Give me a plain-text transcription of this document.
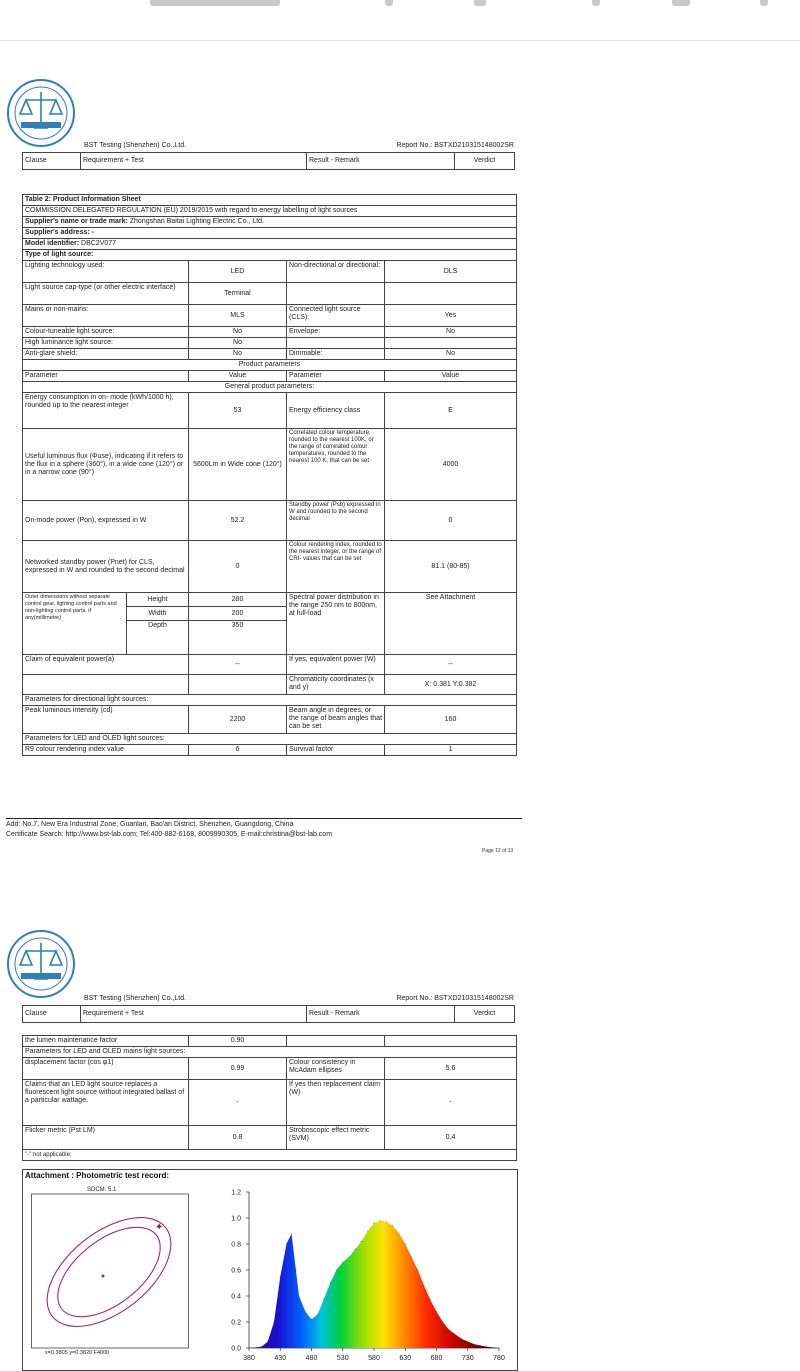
BST Testing (Shenzhen) Co.,Ltd.	Report No.: BSTXD210315148002SR
Clause	Requirement + Test	Result - Remark	Verdict
Table 2: Product Information Sheet				
COMMISSION DELEGATED REGULATION (EU) 2019/2015 with regard to energy labelling of light sources				
Supplier's name or trade mark: Zhongshan Baitai Lighting Electric Co., Ltd.				
Supplier's address: -				
Model identifier: DBC2V077				
Type of light source:				
Lighting technology used:		LED	Non-directional or directional:	DLS
Light source cap-type (or other electric interface)		Terminal		
Mains or non-mains:		MLS	Connected light source (CLS):	Yes
Colour-tuneable light source:		No	Envelope:	No
High luminance light source:		No		
Anti-glare shield:		No	Dimmable:	No
Product parameters				
Parameter		Value	Parameter	Value
General product parameters:				
Energy consumption in on- mode (kWh/1000 h), rounded up to the nearest integer		53	Energy efficiency class	E
Useful luminous flux (Φuse), indicating if it refers to the flux in a sphere (360°), in a wide cone (120°) or in a narrow cone (90°)		5600Lm in Wide cone (120°)	Correlated colour temperature, rounded to the nearest 100K, or the range of correlated colour temperatures, rounded to the nearest 100 K, that can be set	4000
On-mode power (Pon), expressed in W		52.2	Standby power (Psb) expressed in W and rounded to the second decimal	0
Networked standby power (Pnet) for CLS, expressed in W and rounded to the second decimal		0	Colour rendering index, rounded to the nearest integer, or the range of CRI- values that can be set	81.1 (80-85)
Outer dimensions without separate control gear, lighting control parts and non-lighting control parts, if any(millimetre)	Height	280	Spectral power distribution in the range 250 nm to 800nm, at full-load	See Attachment
	Width	200		
	Depth	350		
Claim of equivalent power(a)		--	If yes, equivalent power (W)	--
			Chromaticity coordinates (x and y)	X: 0.381 Y:0.382
Parameters for directional light sources:				
Peak luminous intensity (cd)		2200	Beam angle in degrees, or the range of beam angles that can be set	160
Parameters for LED and OLED light sources:				
R9 colour rendering index value		6	Survival factor	1
Add: No.7, New Era Industrial Zone, Guanlan, Bao'an District, Shenzhen, Guangdong, China
Certificate Search: http://www.bst-lab.com; Tel:400-882-6168, 8009990305, E-mail:christina@bst-lab.com
Page 12 of 13
BST Testing (Shenzhen) Co.,Ltd.	Report No.: BSTXD210315148002SR
Clause	Requirement + Test	Result - Remark	Verdict
the lumen maintenance factor	0.90		
Parameters for LED and OLED mains light sources:			
displacement factor (cos φ1)	0.99	Colour consistency in McAdam ellipses	5.6
Claims that an LED light source replaces a fluorescent light source without integrated ballast of a particular wattage.	-	If yes then replacement claim (W)	-
Flicker metric (Pst LM)	0.8	Stroboscopic effect metric (SVM)	0.4
"-":not applicable;			
Attachment : Photometric test record:
SDCM: 5.1
✦
x=0.3805 y=0.3820 F4000
0.0
0.2
0.4
0.6
0.8
1.0
1.2
380	430	480	530	580	630	680	730	780
